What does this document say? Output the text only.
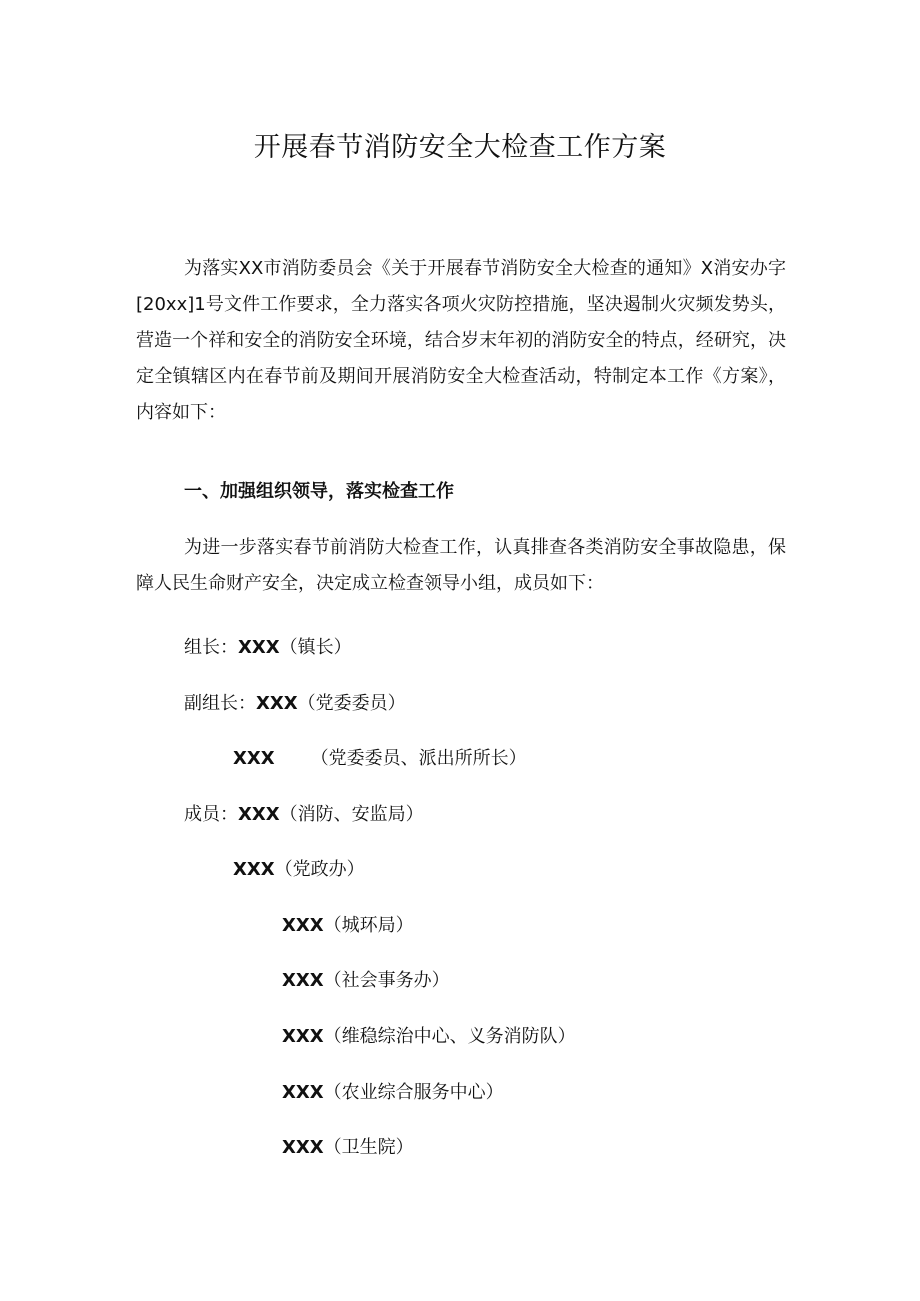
开展春节消防安全大检查工作方案

为落实XX市消防委员会《关于开展春节消防安全大检查的通知》X消安办字[20xx]1号文件工作要求，全力落实各项火灾防控措施，坚决遏制火灾频发势头，营造一个祥和安全的消防安全环境，结合岁末年初的消防安全的特点，经研究，决定全镇辖区内在春节前及期间开展消防安全大检查活动，特制定本工作《方案》，内容如下：

一、加强组织领导，落实检查工作

为进一步落实春节前消防大检查工作，认真排查各类消防安全事故隐患，保障人民生命财产安全，决定成立检查领导小组，成员如下：

组长：XXX（镇长）
副组长：XXX（党委委员）
XXX （党委委员、派出所所长）
成员：XXX（消防、安监局）
XXX（党政办）
XXX（城环局）
XXX（社会事务办）
XXX（维稳综治中心、义务消防队）
XXX（农业综合服务中心）
XXX（卫生院）
